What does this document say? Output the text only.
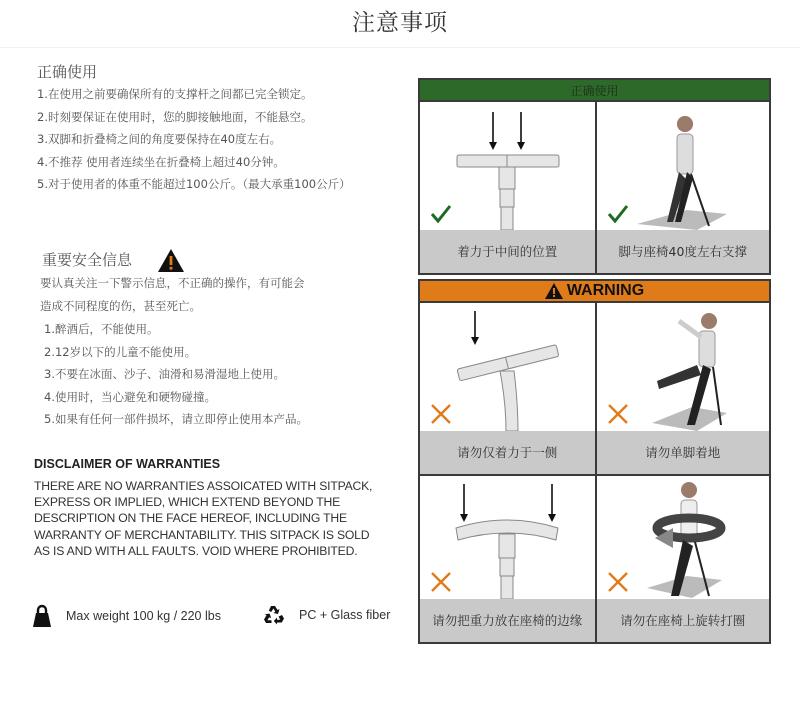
注意事项
正确使用
1.在使用之前要确保所有的支撑杆之间都已完全锁定。
2.时刻要保证在使用时，您的脚接触地面，不能悬空。
3.双脚和折叠椅之间的角度要保持在40度左右。
4.不推荐 使用者连续坐在折叠椅上超过40分钟。
5.对于使用者的体重不能超过100公斤。（最大承重100公斤）
重要安全信息
要认真关注一下警示信息，不正确的操作，有可能会
造成不同程度的伤，甚至死亡。
1.醉酒后，不能使用。
2.12岁以下的儿童不能使用。
3.不要在冰面、沙子、油滑和易滑湿地上使用。
4.使用时，当心避免和硬物碰撞。
5.如果有任何一部件损坏，请立即停止使用本产品。
DISCLAIMER OF WARRANTIES
THERE ARE NO WARRANTIES ASSOICATED WITH SITPACK,
EXPRESS OR IMPLIED, WHICH EXTEND BEYOND THE
DESCRIPTION ON THE FACE HEREOF, INCLUDING THE
WARRANTY OF MERCHANTABILITY. THIS SITPACK IS SOLD
AS IS AND WITH ALL FAULTS. VOID WHERE PROHIBITED.
Max weight 100 kg / 220 lbs	PC + Glass fiber
正确使用
着力于中间的位置	脚与座椅40度左右支撑
WARNING
请勿仅着力于一侧	请勿单脚着地
请勿把重力放在座椅的边缘	请勿在座椅上旋转打圈
